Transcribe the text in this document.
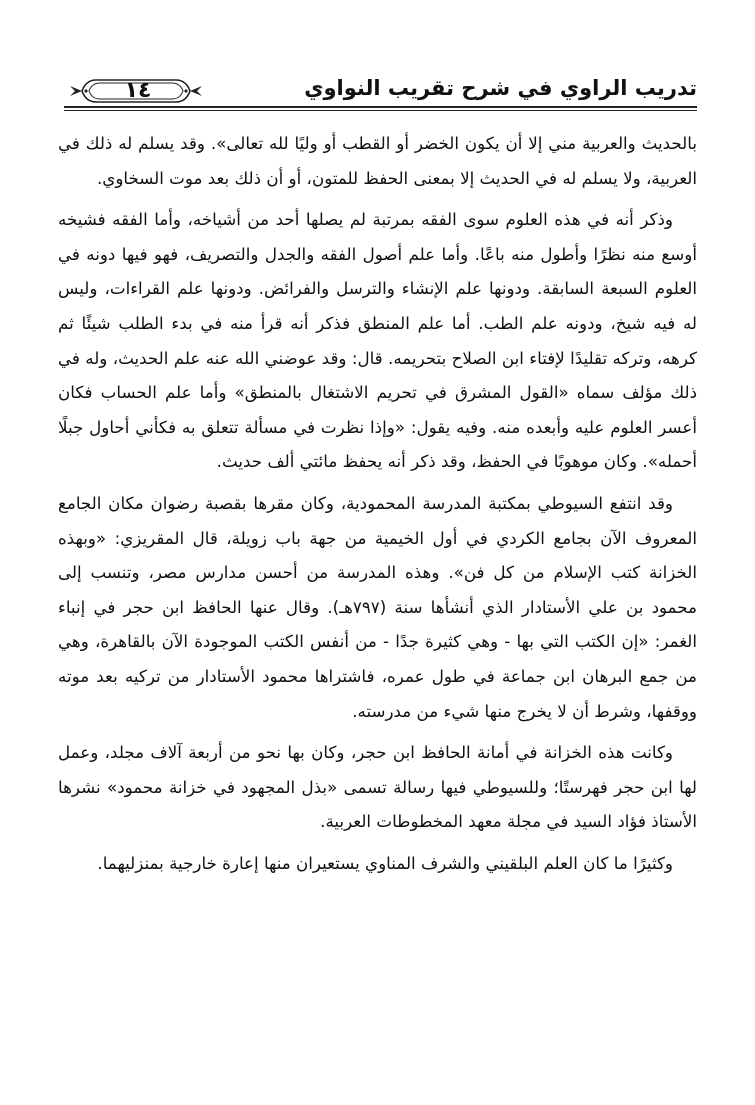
تدريب الراوي في شرح تقريب النواوي
١٤

بالحديث والعربية مني إلا أن يكون الخضر أو القطب أو وليًا لله تعالى». وقد يسلم له ذلك في العربية، ولا يسلم له في الحديث إلا بمعنى الحفظ للمتون، أو أن ذلك بعد موت السخاوي.

وذكر أنه في هذه العلوم سوى الفقه بمرتبة لم يصلها أحد من أشياخه، وأما الفقه فشيخه أوسع منه نظرًا وأطول منه باعًا. وأما علم أصول الفقه والجدل والتصريف، فهو فيها دونه في العلوم السبعة السابقة. ودونها علم الإنشاء والترسل والفرائض. ودونها علم القراءات، وليس له فيه شيخ، ودونه علم الطب. أما علم المنطق فذكر أنه قرأ منه في بدء الطلب شيئًا ثم كرهه، وتركه تقليدًا لإفتاء ابن الصلاح بتحريمه. قال: وقد عوضني الله عنه علم الحديث، وله في ذلك مؤلف سماه «القول المشرق في تحريم الاشتغال بالمنطق» وأما علم الحساب فكان أعسر العلوم عليه وأبعده منه. وفيه يقول: «وإذا نظرت في مسألة تتعلق به فكأني أحاول جبلًا أحمله». وكان موهوبًا في الحفظ، وقد ذكر أنه يحفظ مائتي ألف حديث.

وقد انتفع السيوطي بمكتبة المدرسة المحمودية، وكان مقرها بقصبة رضوان مكان الجامع المعروف الآن بجامع الكردي في أول الخيمية من جهة باب زويلة، قال المقريزي: «وبهذه الخزانة كتب الإسلام من كل فن». وهذه المدرسة من أحسن مدارس مصر، وتنسب إلى محمود بن علي الأستادار الذي أنشأها سنة (٧٩٧هـ). وقال عنها الحافظ ابن حجر في إنباء الغمر: «إن الكتب التي بها - وهي كثيرة جدًا - من أنفس الكتب الموجودة الآن بالقاهرة، وهي من جمع البرهان ابن جماعة في طول عمره، فاشتراها محمود الأستادار من تركيه بعد موته ووقفها، وشرط أن لا يخرج منها شيء من مدرسته.

وكانت هذه الخزانة في أمانة الحافظ ابن حجر، وكان بها نحو من أربعة آلاف مجلد، وعمل لها ابن حجر فهرستًا؛ وللسيوطي فيها رسالة تسمى «بذل المجهود في خزانة محمود» نشرها الأستاذ فؤاد السيد في مجلة معهد المخطوطات العربية.

وكثيرًا ما كان العلم البلقيني والشرف المناوي يستعيران منها إعارة خارجية بمنزليهما.
